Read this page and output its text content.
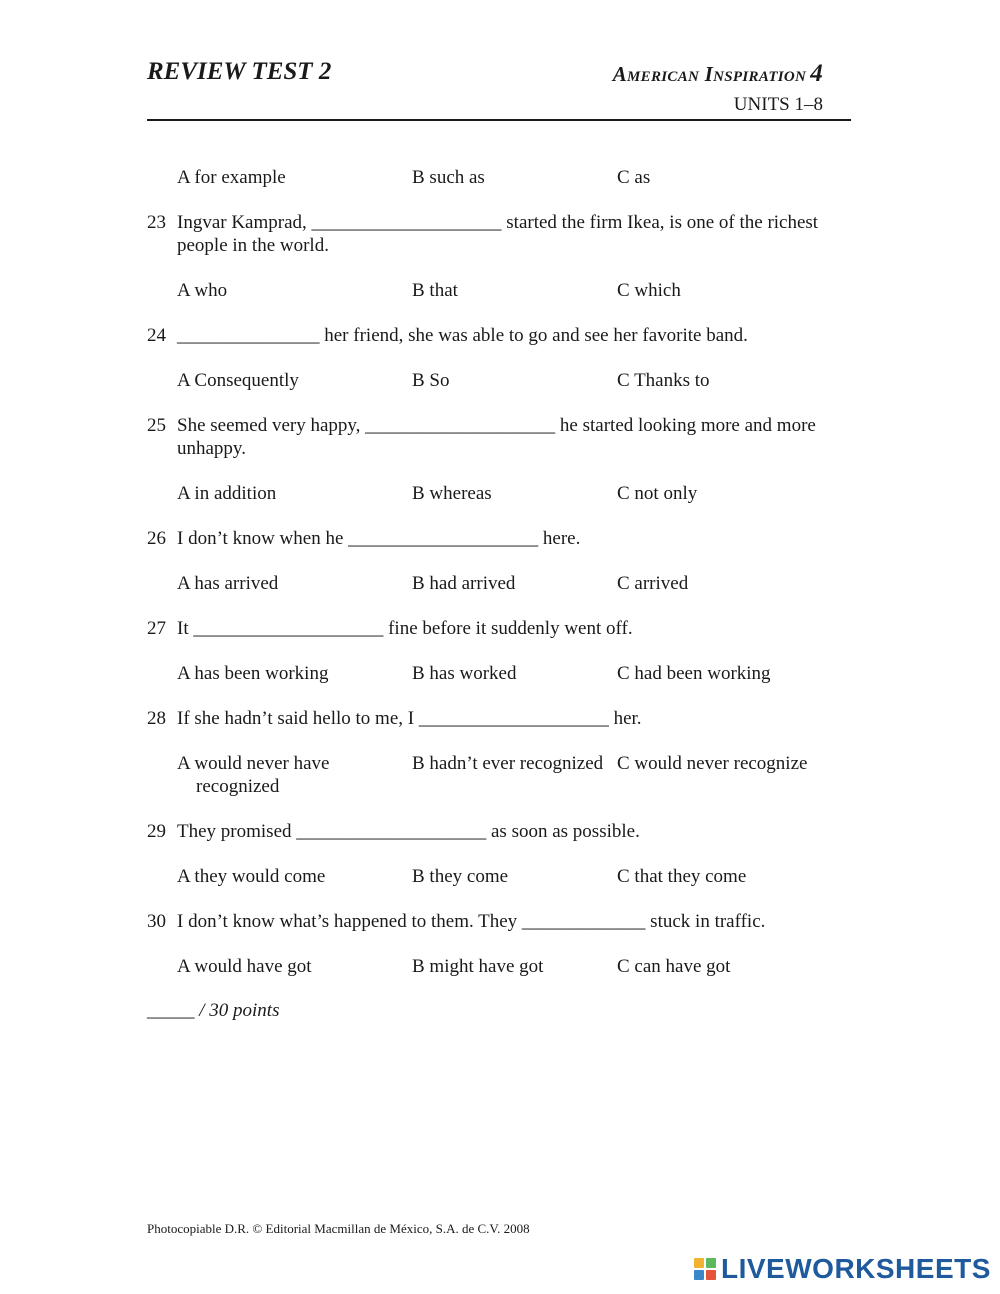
REVIEW TEST 2	American Inspiration 4
UNITS 1–8
A for example	B such as	C as
23 Ingvar Kamprad, ____________________ started the firm Ikea, is one of the richest people in the world.
A who	B that	C which
24 _______________ her friend, she was able to go and see her favorite band.
A Consequently	B So	C Thanks to
25 She seemed very happy, ____________________ he started looking more and more unhappy.
A in addition	B whereas	C not only
26 I don’t know when he ____________________ here.
A has arrived	B had arrived	C arrived
27 It ____________________ fine before it suddenly went off.
A has been working	B has worked	C had been working
28 If she hadn’t said hello to me, I ____________________ her.
A would never have
recognized
B hadn’t ever recognized C would never recognize
29 They promised ____________________ as soon as possible.
A they would come	B they come	C that they come
30 I don’t know what’s happened to them. They _____________ stuck in traffic.
A would have got	B might have got	C can have got
_____ / 30 points
Photocopiable D.R. © Editorial Macmillan de México, S.A. de C.V. 2008
LIVEWORKSHEETS
